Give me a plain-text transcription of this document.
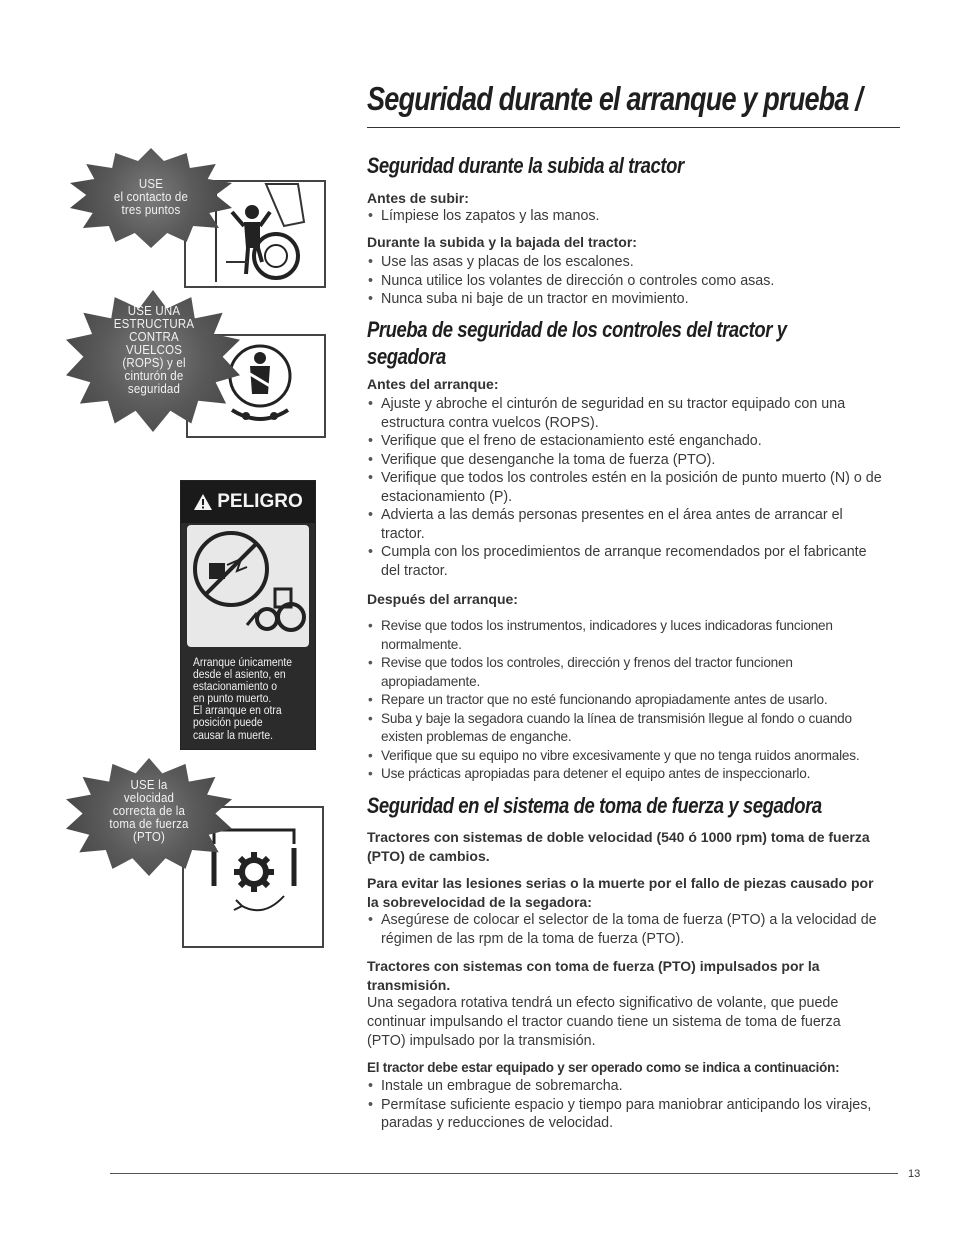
Seguridad durante el arranque y prueba /
USE
el contacto de
tres puntos
USE UNA
ESTRUCTURA
CONTRA VUELCOS
(ROPS) y el
cinturón de
seguridad
PELIGRO
Arranque únicamente
desde el asiento, en
estacionamiento o
en punto muerto.
El arranque en otra
posición puede
causar la muerte.
USE la
velocidad
correcta de la
toma de fuerza
(PTO)
Seguridad durante la subida al tractor

Antes de subir:

• Límpiese los zapatos y las manos.

Durante la subida y la bajada del tractor:

• Use las asas y placas de los escalones.
• Nunca utilice los volantes de dirección o controles como asas.
• Nunca suba ni baje de un tractor en movimiento.
Prueba de seguridad de los controles del tractor y
segadora

Antes del arranque:

• Ajuste y abroche el cinturón de seguridad en su tractor equipado con una estructura contra vuelcos (ROPS).
• Verifique que el freno de estacionamiento esté enganchado.
• Verifique que desenganche la toma de fuerza (PTO).
• Verifique que todos los controles estén en la posición de punto muerto (N) o de estacionamiento (P).
• Advierta a las demás personas presentes en el área antes de arrancar el tractor.
• Cumpla con los procedimientos de arranque recomendados por el fabricante del tractor.

Después del arranque:

• Revise que todos los instrumentos, indicadores y luces indicadoras funcionen normalmente.
• Revise que todos los controles, dirección y frenos del tractor funcionen apropiadamente.
• Repare un tractor que no esté funcionando apropiadamente antes de usarlo.
• Suba y baje la segadora cuando la línea de transmisión llegue al fondo o cuando existen problemas de enganche.
• Verifique que su equipo no vibre excesivamente y que no tenga ruidos anormales.
• Use prácticas apropiadas para detener el equipo antes de inspeccionarlo.
Seguridad en el sistema de toma de fuerza y segadora

Tractores con sistemas de doble velocidad (540 ó 1000 rpm) toma de fuerza (PTO) de cambios.

Para evitar las lesiones serias o la muerte por el fallo de piezas causado por la sobrevelocidad de la segadora:

• Asegúrese de colocar el selector de la toma de fuerza (PTO) a la velocidad de régimen de las rpm de la toma de fuerza (PTO).

Tractores con sistemas con toma de fuerza (PTO) impulsados por la transmisión.

Una segadora rotativa tendrá un efecto significativo de volante, que puede continuar impulsando el tractor cuando tiene un sistema de toma de fuerza (PTO) impulsado por la transmisión.

El tractor debe estar equipado y ser operado como se indica a continuación:

• Instale un embrague de sobremarcha.
• Permítase suficiente espacio y tiempo para maniobrar anticipando los virajes, paradas y reducciones de velocidad.
13
